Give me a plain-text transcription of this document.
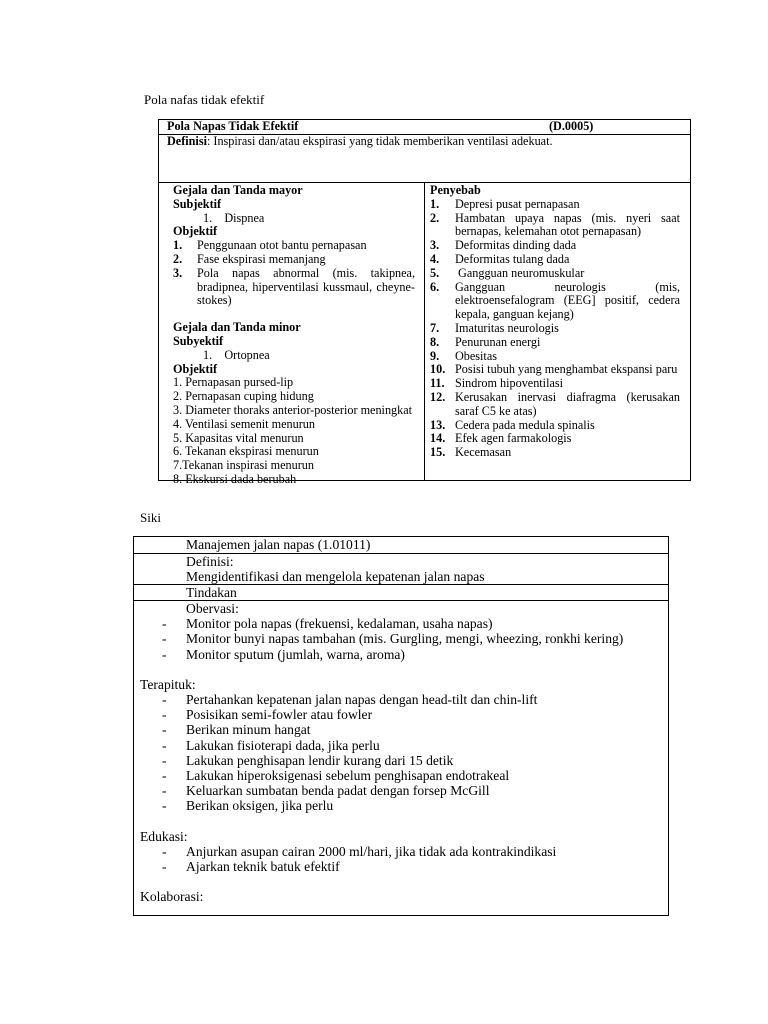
Pola nafas tidak efektif
Pola Napas Tidak Efektif	(D.0005)
Definisi: Inspirasi dan/atau ekspirasi yang tidak memberikan ventilasi adekuat.
Gejala dan Tanda mayor
Subjektif
1.    Dispnea
Objektif
1.	Penggunaan otot bantu pernapasan
2.	Fase ekspirasi memanjang
3.	Pola napas abnormal (mis. takipnea, bradipnea, hiperventilasi kussmaul, cheyne-stokes)
Gejala dan Tanda minor
Subyektif
1.    Ortopnea
Objektif
1. Pernapasan pursed-lip
2. Pernapasan cuping hidung
3. Diameter thoraks anterior-posterior meningkat
4. Ventilasi semenit menurun
5. Kapasitas vital menurun
6. Tekanan ekspirasi menurun
7.Tekanan inspirasi menurun
8. Ekskursi dada berubah
Penyebab
1.	Depresi pusat pernapasan
2.	Hambatan upaya napas (mis. nyeri saat bernapas, kelemahan otot pernapasan)
3.	Deformitas dinding dada
4.	Deformitas tulang dada
5.	Gangguan neuromuskular
6.	Gangguan neurologis (mis, elektroensefalogram (EEG] positif, cedera kepala, ganguan kejang)
7.	Imaturitas neurologis
8.	Penurunan energi
9.	Obesitas
10. Posisi tubuh yang menghambat ekspansi paru
11. Sindrom hipoventilasi
12. Kerusakan inervasi diafragma (kerusakan saraf C5 ke atas)
13. Cedera pada medula spinalis
14. Efek agen farmakologis
15. Kecemasan
Siki
Manajemen jalan napas (1.01011)
Definisi:
Mengidentifikasi dan mengelola kepatenan jalan napas
Tindakan
Obervasi:
-	Monitor pola napas (frekuensi, kedalaman, usaha napas)
-	Monitor bunyi napas tambahan (mis. Gurgling, mengi, wheezing, ronkhi kering)
-	Monitor sputum (jumlah, warna, aroma)
Terapituk:
-	Pertahankan kepatenan jalan napas dengan head-tilt dan chin-lift
-	Posisikan semi-fowler atau fowler
-	Berikan minum hangat
-	Lakukan fisioterapi dada, jika perlu
-	Lakukan penghisapan lendir kurang dari 15 detik
-	Lakukan hiperoksigenasi sebelum penghisapan endotrakeal
-	Keluarkan sumbatan benda padat dengan forsep McGill
-	Berikan oksigen, jika perlu
Edukasi:
-	Anjurkan asupan cairan 2000 ml/hari, jika tidak ada kontrakindikasi
-	Ajarkan teknik batuk efektif
Kolaborasi:
